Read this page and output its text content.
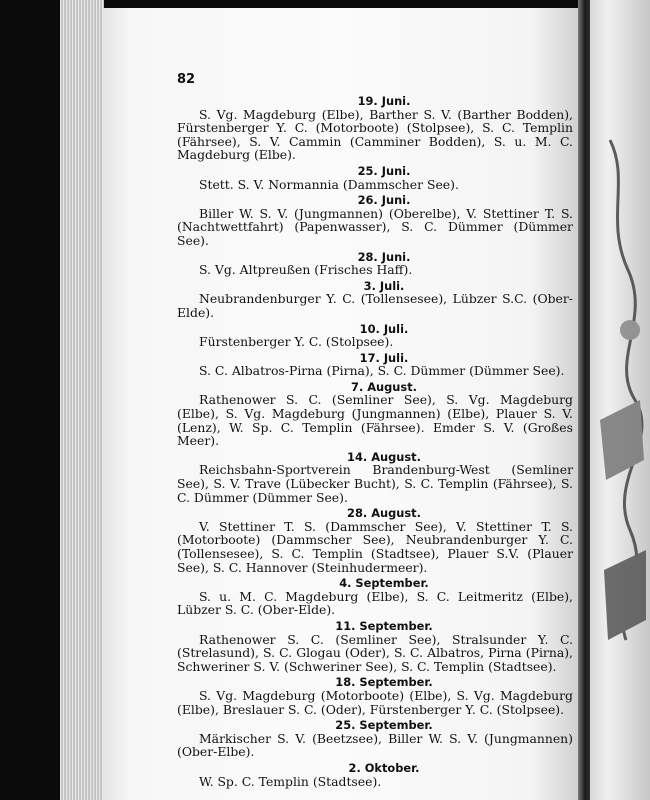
82
19. Juni.
S. Vg. Magdeburg (Elbe), Barther S. V. (Barther Bodden), Fürstenberger Y. C. (Motorboote) (Stolpsee), S. C. Templin (Fährsee), S. V. Cammin (Camminer Bodden), S. u. M. C. Magdeburg (Elbe).
25. Juni.
Stett. S. V. Normannia (Dammscher See).
26. Juni.
Biller W. S. V. (Jungmannen) (Oberelbe), V. Stettiner T. S. (Nachtwettfahrt) (Papenwasser), S. C. Dümmer (Dümmer See).
28. Juni.
S. Vg. Altpreußen (Frisches Haff).
3. Juli.
Neubrandenburger Y. C. (Tollensesee), Lübzer S.C. (Ober-Elde).
10. Juli.
Fürstenberger Y. C. (Stolpsee).
17. Juli.
S. C. Albatros-Pirna (Pirna), S. C. Dümmer (Dümmer See).
7. August.
Rathenower S. C. (Semliner See), S. Vg. Magdeburg (Elbe), S. Vg. Magdeburg (Jungmannen) (Elbe), Plauer S. V. (Lenz), W. Sp. C. Templin (Fährsee). Emder S. V. (Großes Meer).
14. August.
Reichsbahn-Sportverein Brandenburg-West (Semliner See), S. V. Trave (Lübecker Bucht), S. C. Templin (Fährsee), S. C. Dümmer (Dümmer See).
28. August.
V. Stettiner T. S. (Dammscher See), V. Stettiner T. S. (Motorboote) (Dammscher See), Neubrandenburger Y. C. (Tollensesee), S. C. Templin (Stadtsee), Plauer S.V. (Plauer See), S. C. Hannover (Steinhudermeer).
4. September.
S. u. M. C. Magdeburg (Elbe), S. C. Leitmeritz (Elbe), Lübzer S. C. (Ober-Elde).
11. September.
Rathenower S. C. (Semliner See), Stralsunder Y. C. (Strelasund), S. C. Glogau (Oder), S. C. Albatros, Pirna (Pirna), Schweriner S. V. (Schweriner See), S. C. Templin (Stadtsee).
18. September.
S. Vg. Magdeburg (Motorboote) (Elbe), S. Vg. Magdeburg (Elbe), Breslauer S. C. (Oder), Fürstenberger Y. C. (Stolpsee).
25. September.
Märkischer S. V. (Beetzsee), Biller W. S. V. (Jungmannen) (Ober-Elbe).
2. Oktober.
W. Sp. C. Templin (Stadtsee).
